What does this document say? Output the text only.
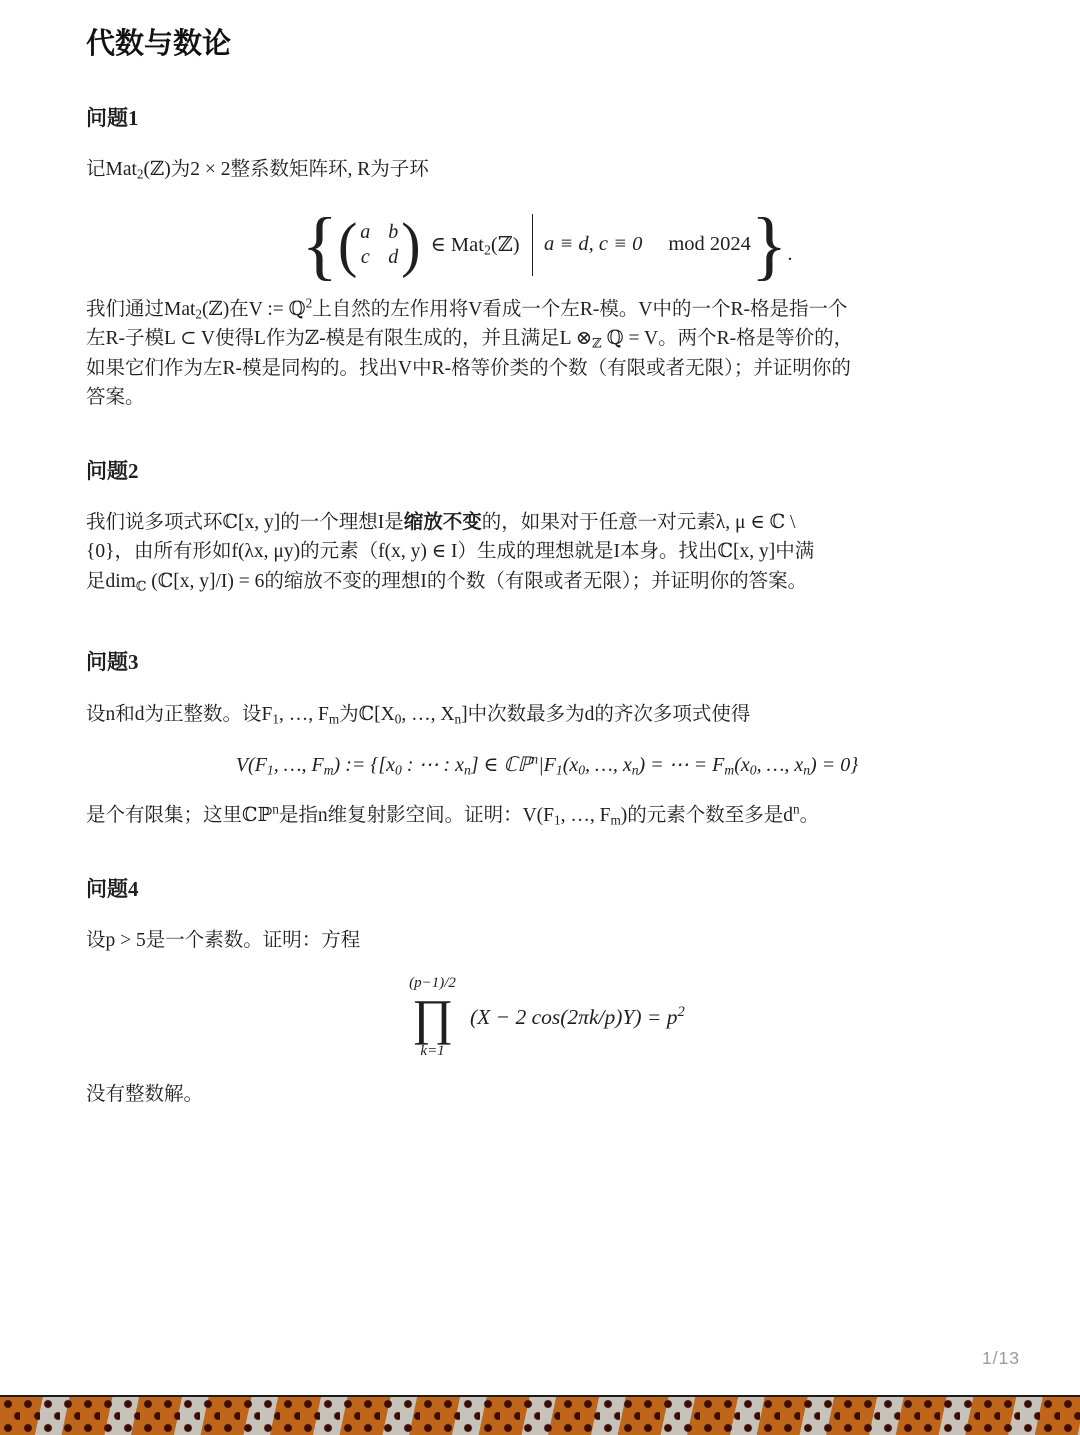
代数与数论
问题1

记Mat$_2$(ℤ)为2 × 2整系数矩阵环, R为子环

{ ( a b
c d ) ∈ Mat$_2$(ℤ) a ≡ d, c ≡ 0 mod 2024 } .

我们通过Mat$_2$(ℤ)在V := ℚ$^2$上自然的左作用将V看成一个左R-模。V中的一个R-格是指一个

左R-子模L ⊂ V使得L作为ℤ-模是有限生成的，并且满足L $\otimes_ℤ$ ℚ = V。两个R-格是等价的，

如果它们作为左R-模是同构的。找出V中R-格等价类的个数（有限或者无限）；并证明你的

答案。

问题2

我们说多项式环ℂ[x, y]的一个理想I是缩放不变的，如果对于任意一对元素λ, μ ∈ ℂ \

{0}，由所有形如f(λx, μy)的元素（f(x, y) ∈ I）生成的理想就是I本身。找出ℂ[x, y]中满

足dim$_ℂ$ (ℂ[x, y]/I) = 6的缩放不变的理想I的个数（有限或者无限）；并证明你的答案。

问题3

设n和d为正整数。设$F_1$, …, $F_m$为$ℂ[X_0$, …, $X_n$]中次数最多为d的齐次多项式使得

$V(F_1$, …, $F_m$) := {[$x_0$ : ⋯ : $x_n$] ∈ $ℂℙ^n|F_1(x_0$, …, $x_n$) = ⋯ = $F_m(x_0$, …, $x_n) = 0$}

是个有限集；这里ℂℙ$^n$是指n维复射影空间。证明：$V(F_1$, …, $F_m$)的元素个数至多是$d^n$。

问题4

设p > 5是一个素数。证明：方程

(p−1)/2
∏
k=1
(X − 2 $\cos(2\pi k/p)Y) = p^2$

没有整数解。

1/13
